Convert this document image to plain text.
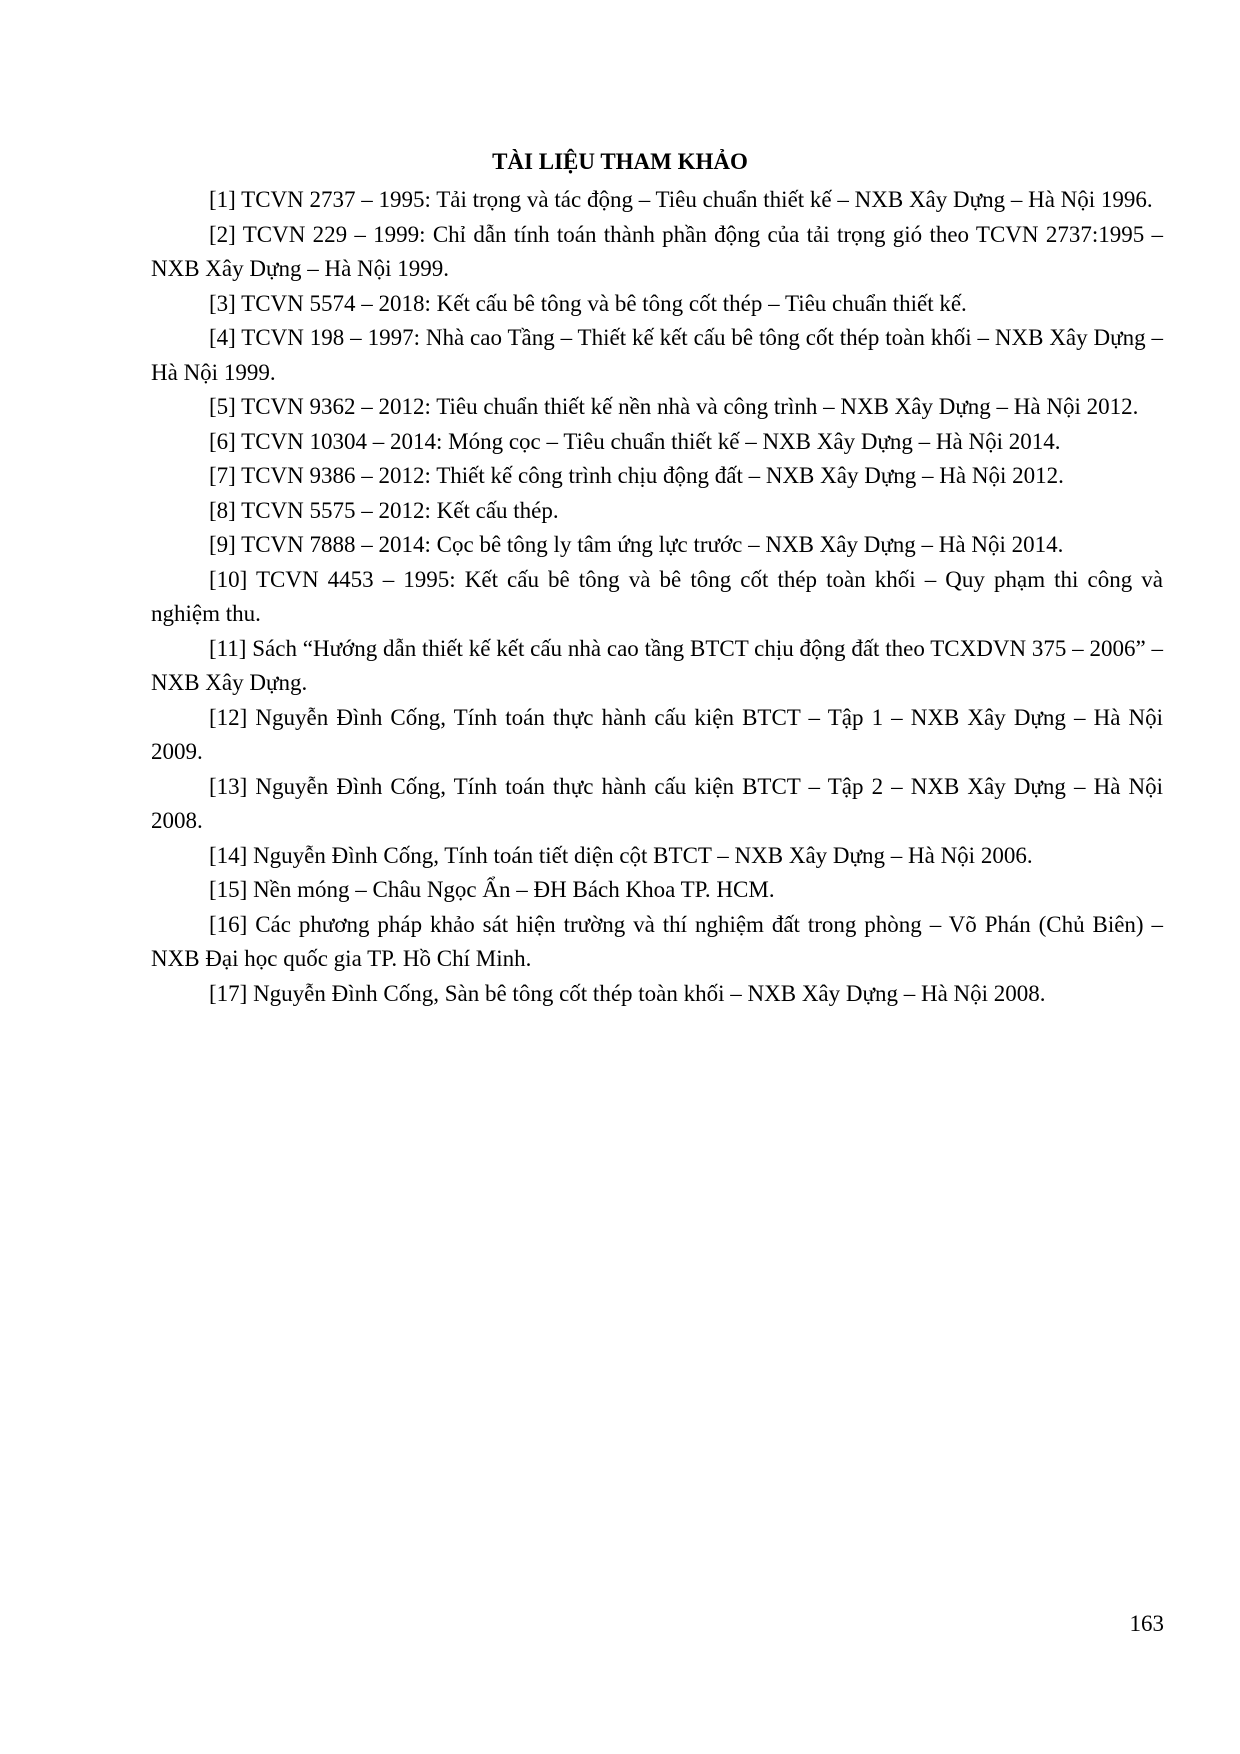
TÀI LIỆU THAM KHẢO
[1] TCVN 2737 – 1995: Tải trọng và tác động – Tiêu chuẩn thiết kế – NXB Xây Dựng – Hà Nội 1996.
[2] TCVN 229 – 1999: Chỉ dẫn tính toán thành phần động của tải trọng gió theo TCVN 2737:1995 – NXB Xây Dựng – Hà Nội 1999.
[3] TCVN 5574 – 2018: Kết cấu bê tông và bê tông cốt thép – Tiêu chuẩn thiết kế.
[4] TCVN 198 – 1997: Nhà cao Tầng – Thiết kế kết cấu bê tông cốt thép toàn khối – NXB Xây Dựng – Hà Nội 1999.
[5] TCVN 9362 – 2012: Tiêu chuẩn thiết kế nền nhà và công trình – NXB Xây Dựng – Hà Nội 2012.
[6] TCVN 10304 – 2014: Móng cọc – Tiêu chuẩn thiết kế – NXB Xây Dựng – Hà Nội 2014.
[7] TCVN 9386 – 2012: Thiết kế công trình chịu động đất – NXB Xây Dựng – Hà Nội 2012.
[8] TCVN 5575 – 2012: Kết cấu thép.
[9] TCVN 7888 – 2014: Cọc bê tông ly tâm ứng lực trước – NXB Xây Dựng – Hà Nội 2014.
[10] TCVN 4453 – 1995: Kết cấu bê tông và bê tông cốt thép toàn khối – Quy phạm thi công và nghiệm thu.
[11] Sách “Hướng dẫn thiết kế kết cấu nhà cao tầng BTCT chịu động đất theo TCXDVN 375 – 2006” – NXB Xây Dựng.
[12] Nguyễn Đình Cống, Tính toán thực hành cấu kiện BTCT – Tập 1 – NXB Xây Dựng – Hà Nội 2009.
[13] Nguyễn Đình Cống, Tính toán thực hành cấu kiện BTCT – Tập 2 – NXB Xây Dựng – Hà Nội 2008.
[14] Nguyễn Đình Cống, Tính toán tiết diện cột BTCT – NXB Xây Dựng – Hà Nội 2006.
[15] Nền móng – Châu Ngọc Ẩn – ĐH Bách Khoa TP. HCM.
[16] Các phương pháp khảo sát hiện trường và thí nghiệm đất trong phòng – Võ Phán (Chủ Biên) – NXB Đại học quốc gia TP. Hồ Chí Minh.
[17] Nguyễn Đình Cống, Sàn bê tông cốt thép toàn khối – NXB Xây Dựng – Hà Nội 2008.
163
